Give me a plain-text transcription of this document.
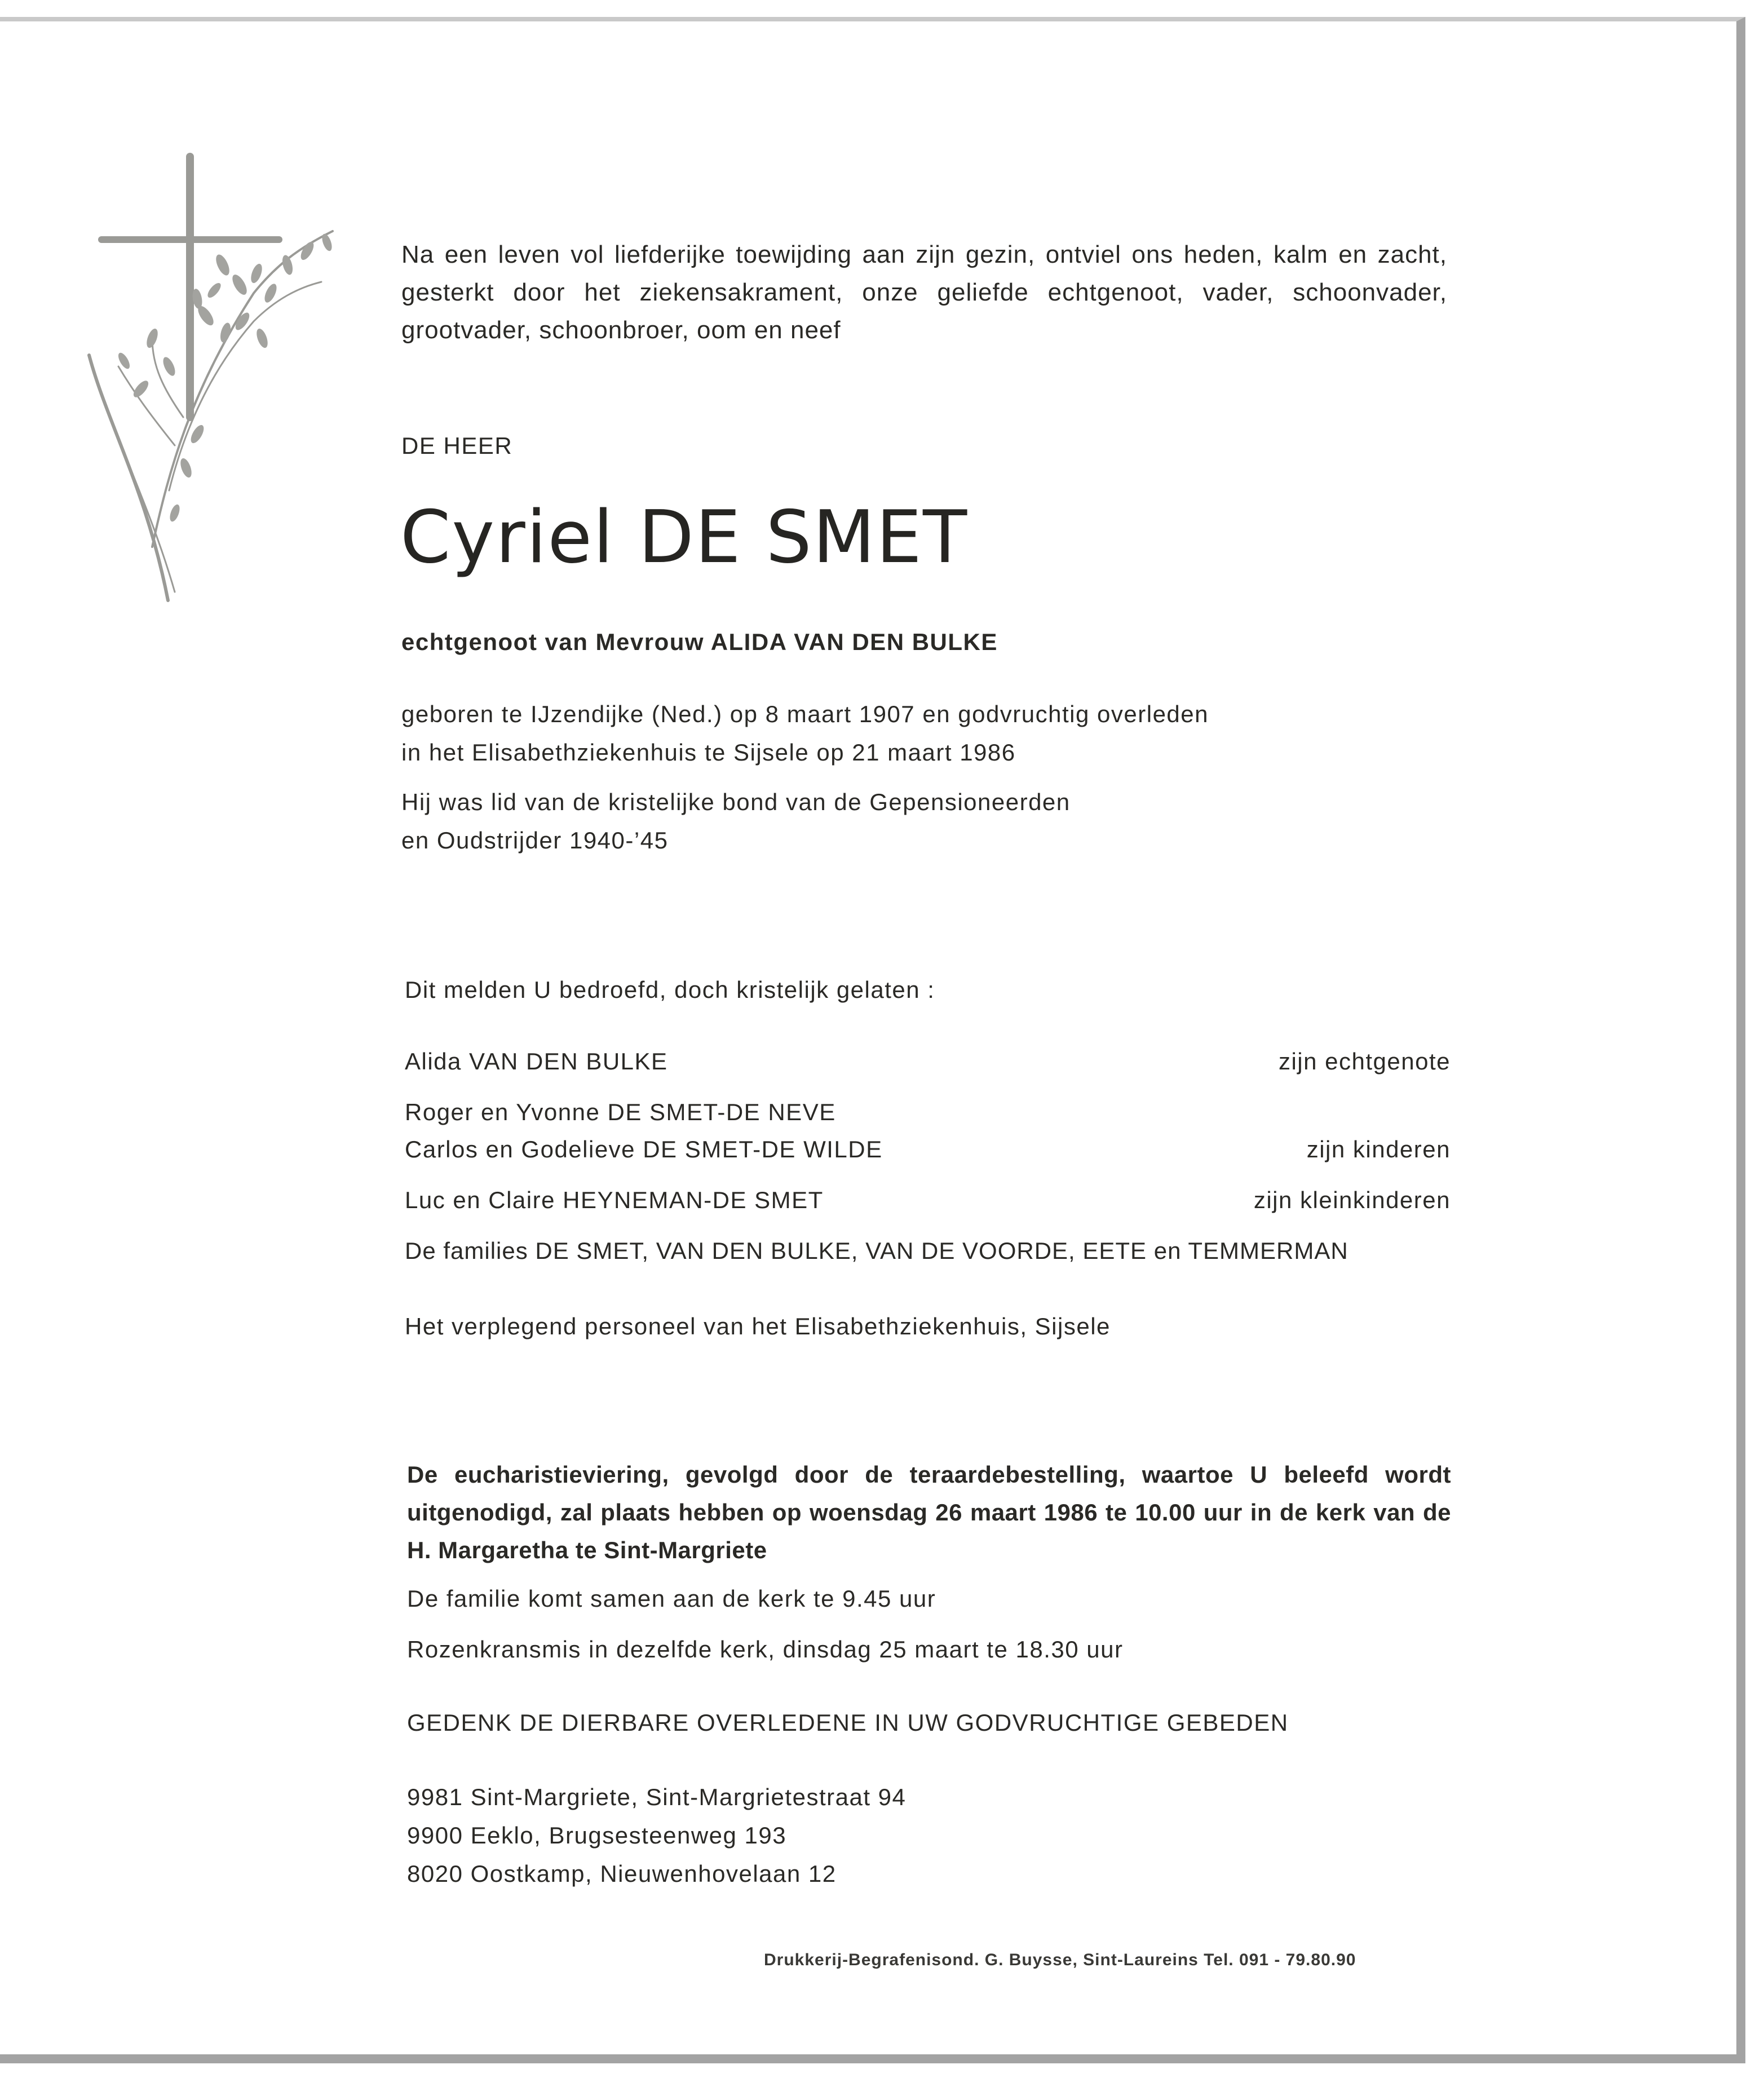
Na een leven vol liefderijke toewijding aan zijn gezin, ontviel ons heden, kalm en zacht, gesterkt door het ziekensakrament, onze geliefde echtgenoot, vader, schoonvader, grootvader, schoonbroer, oom en neef
DE HEER
Cyriel DE SMET
echtgenoot van Mevrouw ALIDA VAN DEN BULKE
geboren te IJzendijke (Ned.) op 8 maart 1907 en godvruchtig overleden
in het Elisabethziekenhuis te Sijsele op 21 maart 1986
Hij was lid van de kristelijke bond van de Gepensioneerden
en Oudstrijder 1940-’45
Dit melden U bedroefd, doch kristelijk gelaten :
Alida VAN DEN BULKE	zijn echtgenote
Roger en Yvonne DE SMET-DE NEVE
Carlos en Godelieve DE SMET-DE WILDE	zijn kinderen
Luc en Claire HEYNEMAN-DE SMET	zijn kleinkinderen
De families DE SMET, VAN DEN BULKE, VAN DE VOORDE, EETE en TEMMERMAN
Het verplegend personeel van het Elisabethziekenhuis, Sijsele
De eucharistieviering, gevolgd door de teraardebestelling, waartoe U beleefd wordt uitgenodigd, zal plaats hebben op woensdag 26 maart 1986 te 10.00 uur in de kerk van de H. Margaretha te Sint-Margriete
De familie komt samen aan de kerk te 9.45 uur
Rozenkransmis in dezelfde kerk, dinsdag 25 maart te 18.30 uur
GEDENK DE DIERBARE OVERLEDENE IN UW GODVRUCHTIGE GEBEDEN
9981 Sint-Margriete, Sint-Margrietestraat 94
9900 Eeklo, Brugsesteenweg 193
8020 Oostkamp, Nieuwenhovelaan 12
Drukkerij-Begrafenisond. G. Buysse, Sint-Laureins Tel. 091 - 79.80.90
